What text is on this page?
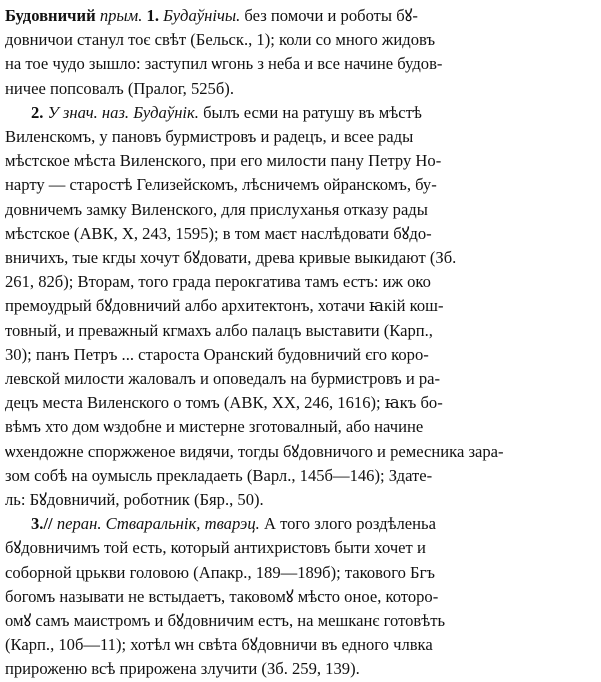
Будовничий прым. 1. Будаўнічы. без помочи и роботы бꙋ-
довничои станул тоє свѣт (Бельск., 1); коли со много жидовъ
на тое чудо зышло: заступил ѡгонь з неба и все начине будов-
ничее попсовалъ (Пралог, 525б).
2. У знач. наз. Будаўнік. былъ есми на ратушу въ мѣстѣ
Виленскомъ, у пановъ бурмистровъ и радецъ, и всее рады
мѣстское мѣста Виленского, при его милости пану Петру Но-
нарту — старостѣ Гелизейскомъ, лѣсничемъ ойранскомъ, бу-
довничемъ замку Виленского, для прислуханья отказу рады
мѣстское (АВК, X, 243, 1595); в том маєт наслѣдовати бꙋдо-
вничихъ, тые кгды хочут бꙋдовати, древа кривые выкидают (Зб.
261, 82б); Вторам, того града перокгатива тамъ естъ: иж око
премоудрый бꙋдовничий албо архитектонъ, хотачи ꙗкій кош-
товный, и преважный кгмахъ албо палацъ выставити (Карп.,
30); панъ Петръ ... староста Оранский будовничий єго коро-
левской милости жаловалъ и оповедалъ на бурмистровъ и ра-
децъ места Виленского о томъ (АВК, XX, 246, 1616); ꙗкъ бо-
вѣмъ хто дом ѡздобне и мистерне зготовалный, або начине
ѡхендожне споржженое видячи, тогды бꙋдовничого и ремесника зара-
зом собѣ на оумысль прекладаеть (Варл., 145б—146); Здате-
ль: Бꙋдовничий, роботник (Бяр., 50).
3.// перан. Стваральнік, тварэц. А того злого роздѣленьа
бꙋдовничимъ той есть, который антихристовъ быти хочет и
соборной црькви головою (Апакр., 189—189б); такового Бгъ
богомъ называти не встыдаетъ, таковомꙋ мѣсто оное, которо-
омꙋ самъ маистромъ и бꙋдовничим естъ, на мешканє готовѣть
(Карп., 10б—11); хотѣл ѡн свѣта бꙋдовничи въ едного члвка
прироженю всѣ прирожена злучити (Зб. 259, 139).
